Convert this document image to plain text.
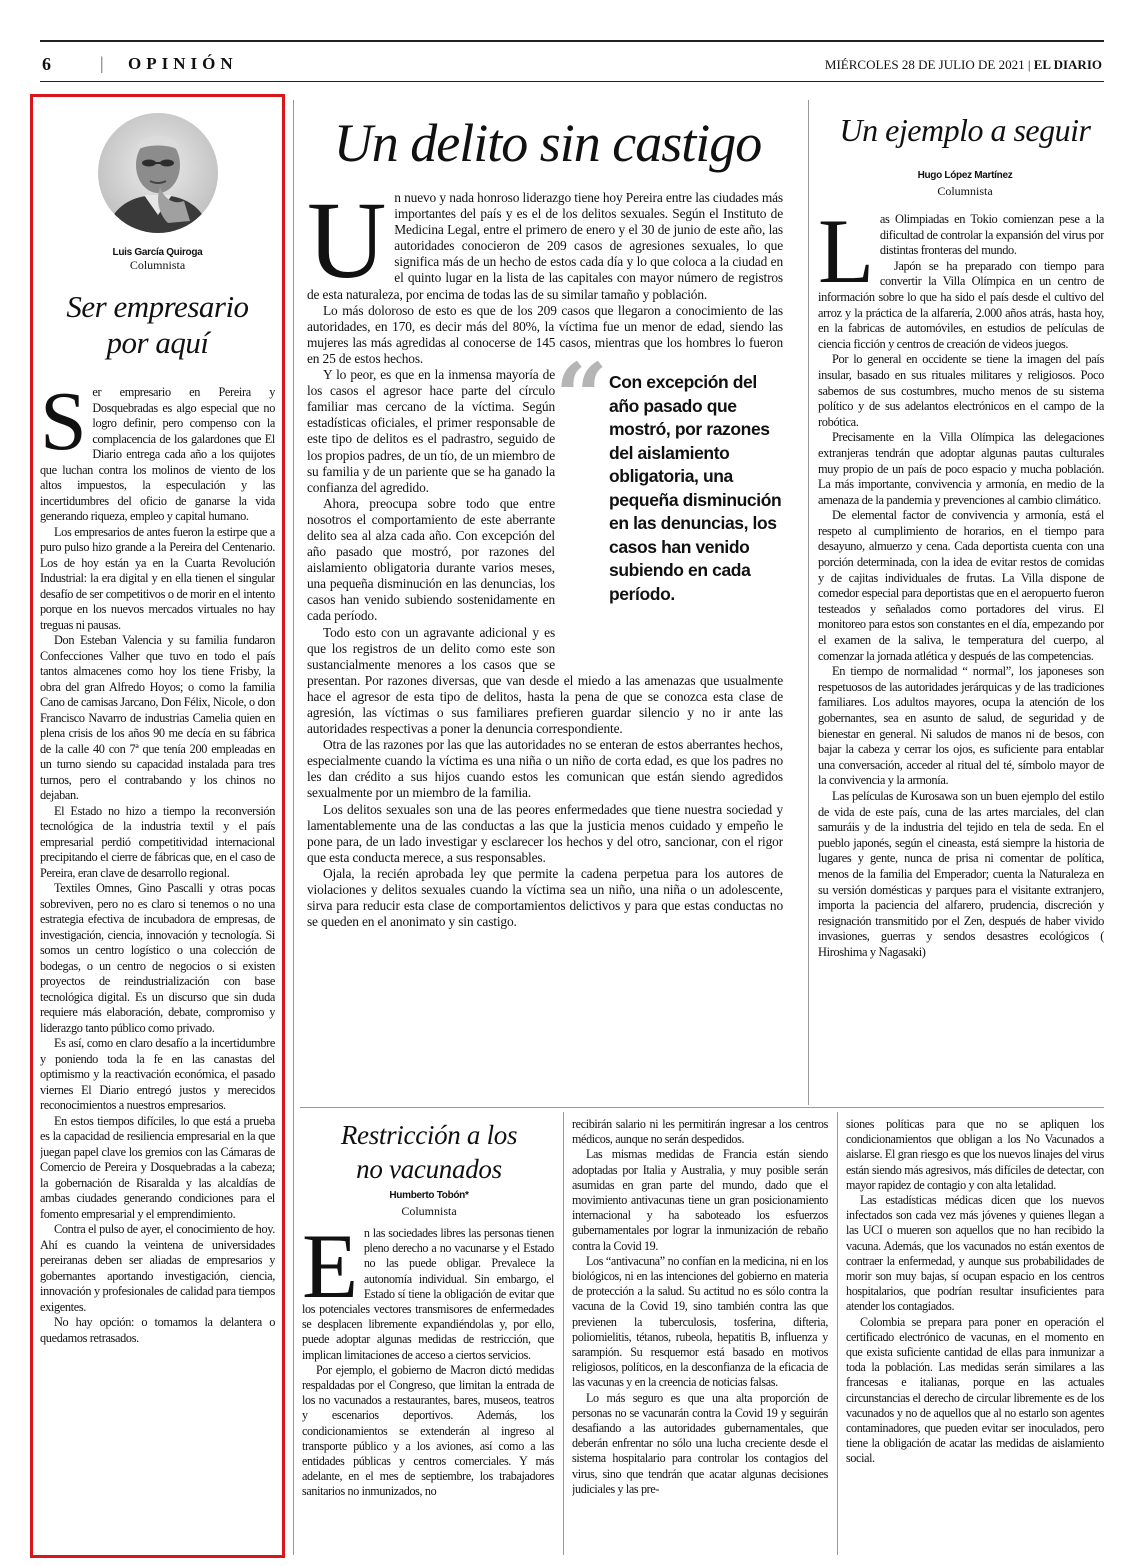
6	| OPINIÓN	MIÉRCOLES 28 DE JULIO DE 2021 | EL DIARIO
Luis García Quiroga
Columnista
Ser empresario
por aquí
S er empresario en Pereira y Dosquebradas es algo especial que no logro definir, pero compenso con la complacencia de los galardones que El Diario entrega cada año a los quijotes que luchan contra los molinos de viento de los altos impuestos, la especulación y las incertidumbres del oficio de ganarse la vida generando riqueza, empleo y capital humano.

Los empresarios de antes fueron la estirpe que a puro pulso hizo grande a la Pereira del Centenario. Los de hoy están ya en la Cuarta Revolución Industrial: la era digital y en ella tienen el singular desafío de ser competitivos o de morir en el intento porque en los nuevos mercados virtuales no hay treguas ni pausas.

Don Esteban Valencia y su familia fundaron Confecciones Valher que tuvo en todo el país tantos almacenes como hoy los tiene Frisby, la obra del gran Alfredo Hoyos; o como la familia Cano de camisas Jarcano, Don Félix, Nicole, o don Francisco Navarro de industrias Camelia quien en plena crisis de los años 90 me decía en su fábrica de la calle 40 con 7ª que tenía 200 empleadas en un turno siendo su capacidad instalada para tres turnos, pero el contrabando y los chinos no dejaban.

El Estado no hizo a tiempo la reconversión tecnológica de la industria textil y el país empresarial perdió competitividad internacional precipitando el cierre de fábricas que, en el caso de Pereira, eran clave de desarrollo regional.

Textiles Omnes, Gino Pascalli y otras pocas sobreviven, pero no es claro si tenemos o no una estrategia efectiva de incubadora de empresas, de investigación, ciencia, innovación y tecnología. Si somos un centro logístico o una colección de bodegas, o un centro de negocios o si existen proyectos de reindustrialización con base tecnológica digital. Es un discurso que sin duda requiere más elaboración, debate, compromiso y liderazgo tanto público como privado.

Es así, como en claro desafío a la incertidumbre y poniendo toda la fe en las canastas del optimismo y la reactivación económica, el pasado viernes El Diario entregó justos y merecidos reconocimientos a nuestros empresarios.

En estos tiempos difíciles, lo que está a prueba es la capacidad de resiliencia empresarial en la que juegan papel clave los gremios con las Cámaras de Comercio de Pereira y Dosquebradas a la cabeza; la gobernación de Risaralda y las alcaldías de ambas ciudades generando condiciones para el fomento empresarial y el emprendimiento.

Contra el pulso de ayer, el conocimiento de hoy. Ahí es cuando la veintena de universidades pereiranas deben ser aliadas de empresarios y gobernantes aportando investigación, ciencia, innovación y profesionales de calidad para tiempos exigentes.

No hay opción: o tomamos la delantera o quedamos retrasados.

Un delito sin castigo
U n nuevo y nada honroso liderazgo tiene hoy Pereira entre las ciudades más importantes del país y es el de los delitos sexuales. Según el Instituto de Medicina Legal, entre el primero de enero y el 30 de junio de este año, las autoridades conocieron de 209 casos de agresiones sexuales, lo que significa más de un hecho de estos cada día y lo que coloca a la ciudad en el quinto lugar en la lista de las capitales con mayor número de registros de esta naturaleza, por encima de todas las de su similar tamaño y población.

Lo más doloroso de esto es que de los 209 casos que llegaron a conocimiento de las autoridades, en 170, es decir más del 80%, la víctima fue un menor de edad, siendo las mujeres las más agredidas al conocerse de 145 casos, mientras que los hombres lo fueron en 25 de estos hechos.	“ Con excepción del año pasado que mostró, por razones del aislamiento obligatoria, una pequeña disminución en las denuncias, los casos han venido subiendo en cada período.

Y lo peor, es que en la inmensa mayoría de los casos el agresor hace parte del círculo familiar mas cercano de la víctima. Según estadísticas oficiales, el primer responsable de este tipo de delitos es el padrastro, seguido de los propios padres, de un tío, de un miembro de su familia y de un pariente que se ha ganado la confianza del agredido.

Ahora, preocupa sobre todo que entre nosotros el comportamiento de este aberrante delito sea al alza cada año. Con excepción del año pasado que mostró, por razones del aislamiento obligatoria durante varios meses, una pequeña disminución en las denuncias, los casos han venido subiendo sostenidamente en cada período.

Todo esto con un agravante adicional y es que los registros de un delito como este son sustancialmente menores a los casos que se presentan. Por razones diversas, que van desde el miedo a las amenazas que usualmente hace el agresor de esta tipo de delitos, hasta la pena de que se conozca esta clase de agresión, las víctimas o sus familiares prefieren guardar silencio y no ir ante las autoridades respectivas a poner la denuncia correspondiente.

Otra de las razones por las que las autoridades no se enteran de estos aberrantes hechos, especialmente cuando la víctima es una niña o un niño de corta edad, es que los padres no les dan crédito a sus hijos cuando estos les comunican que están siendo agredidos sexualmente por un miembro de la familia.

Los delitos sexuales son una de las peores enfermedades que tiene nuestra sociedad y lamentablemente una de las conductas a las que la justicia menos cuidado y empeño le pone para, de un lado investigar y esclarecer los hechos y del otro, sancionar, con el rigor que esta conducta merece, a sus responsables.

Ojala, la recién aprobada ley que permite la cadena perpetua para los autores de violaciones y delitos sexuales cuando la víctima sea un niño, una niña o un adolescente, sirva para reducir esta clase de comportamientos delictivos y para que estas conductas no se queden en el anonimato y sin castigo.

Un ejemplo a seguir
Hugo López Martínez
Columnista
L as Olimpiadas en Tokio comienzan pese a la dificultad de controlar la expansión del virus por distintas fronteras del mundo.

Japón se ha preparado con tiempo para convertir la Villa Olímpica en un centro de información sobre lo que ha sido el país desde el cultivo del arroz y la práctica de la alfarería, 2.000 años atrás, hasta hoy, en la fabricas de automóviles, en estudios de películas de ciencia ficción y centros de creación de videos juegos.

Por lo general en occidente se tiene la imagen del país insular, basado en sus rituales militares y religiosos. Poco sabemos de sus costumbres, mucho menos de su sistema político y de sus adelantos electrónicos en el campo de la robótica.

Precisamente en la Villa Olímpica las delegaciones extranjeras tendrán que adoptar algunas pautas culturales muy propio de un país de poco espacio y mucha población. La más importante, convivencia y armonía, en medio de la amenaza de la pandemia y prevenciones al cambio climático.

De elemental factor de convivencia y armonía, está el respeto al cumplimiento de horarios, en el tiempo para desayuno, almuerzo y cena. Cada deportista cuenta con una porción determinada, con la idea de evitar restos de comidas y de cajitas individuales de frutas. La Villa dispone de comedor especial para deportistas que en el aeropuerto fueron testeados y señalados como portadores del virus. El monitoreo para estos son constantes en el día, empezando por el examen de la saliva, le temperatura del cuerpo, al comenzar la jornada atlética y después de las competencias.

En tiempo de normalidad “ normal”, los japoneses son respetuosos de las autoridades jerárquicas y de las tradiciones familiares. Los adultos mayores, ocupa la atención de los gobernantes, sea en asunto de salud, de seguridad y de bienestar en general. Ni saludos de manos ni de besos, con bajar la cabeza y cerrar los ojos, es suficiente para entablar una conversación, acceder al ritual del té, símbolo mayor de la convivencia y la armonía.

Las películas de Kurosawa son un buen ejemplo del estilo de vida de este país, cuna de las artes marciales, del clan samuráis y de la industria del tejido en tela de seda. En el pueblo japonés, según el cineasta, está siempre la historia de lugares y gente, nunca de prisa ni comentar de política, menos de la familia del Emperador; cuenta la Naturaleza en su versión domésticas y parques para el visitante extranjero, importa la paciencia del alfarero, prudencia, discreción y resignación transmitido por el Zen, después de haber vivido invasiones, guerras y sendos desastres ecológicos ( Hiroshima y Nagasaki)

Restricción a los
no vacunados
Humberto Tobón*
Columnista
E n las sociedades libres las personas tienen pleno derecho a no vacunarse y el Estado no las puede obligar. Prevalece la autonomía individual. Sin embargo, el Estado sí tiene la obligación de evitar que los potenciales vectores transmisores de enfermedades se desplacen libremente expandiéndolas y, por ello, puede adoptar algunas medidas de restricción, que implican limitaciones de acceso a ciertos servicios.

Por ejemplo, el gobierno de Macron dictó medidas respaldadas por el Congreso, que limitan la entrada de los no vacunados a restaurantes, bares, museos, teatros y escenarios deportivos. Además, los condicionamientos se extenderán al ingreso al transporte público y a los aviones, así como a las entidades públicas y centros comerciales. Y más adelante, en el mes de septiembre, los trabajadores sanitarios no inmunizados, no

recibirán salario ni les permitirán ingresar a los centros médicos, aunque no serán despedidos.

Las mismas medidas de Francia están siendo adoptadas por Italia y Australia, y muy posible serán asumidas en gran parte del mundo, dado que el movimiento antivacunas tiene un gran posicionamiento internacional y ha saboteado los esfuerzos gubernamentales por lograr la inmunización de rebaño contra la Covid 19.

Los “antivacuna” no confían en la medicina, ni en los biológicos, ni en las intenciones del gobierno en materia de protección a la salud. Su actitud no es sólo contra la vacuna de la Covid 19, sino también contra las que previenen la tuberculosis, tosferina, difteria, poliomielitis, tétanos, rubeola, hepatitis B, influenza y sarampión. Su resquemor está basado en motivos religiosos, políticos, en la desconfianza de la eficacia de las vacunas y en la creencia de noticias falsas.

Lo más seguro es que una alta proporción de personas no se vacunarán contra la Covid 19 y seguirán desafiando a las autoridades gubernamentales, que deberán enfrentar no sólo una lucha creciente desde el sistema hospitalario para controlar los contagios del virus, sino que tendrán que acatar algunas decisiones judiciales y las pre-

siones políticas para que no se apliquen los condicionamientos que obligan a los No Vacunados a aislarse. El gran riesgo es que los nuevos linajes del virus están siendo más agresivos, más difíciles de detectar, con mayor rapidez de contagio y con alta letalidad.

Las estadísticas médicas dicen que los nuevos infectados son cada vez más jóvenes y quienes llegan a las UCI o mueren son aquellos que no han recibido la vacuna. Además, que los vacunados no están exentos de contraer la enfermedad, y aunque sus probabilidades de morir son muy bajas, sí ocupan espacio en los centros hospitalarios, que podrían resultar insuficientes para atender los contagiados.

Colombia se prepara para poner en operación el certificado electrónico de vacunas, en el momento en que exista suficiente cantidad de ellas para inmunizar a toda la población. Las medidas serán similares a las francesas e italianas, porque en las actuales circunstancias el derecho de circular libremente es de los vacunados y no de aquellos que al no estarlo son agentes contaminadores, que pueden evitar ser inoculados, pero tiene la obligación de acatar las medidas de aislamiento social.
